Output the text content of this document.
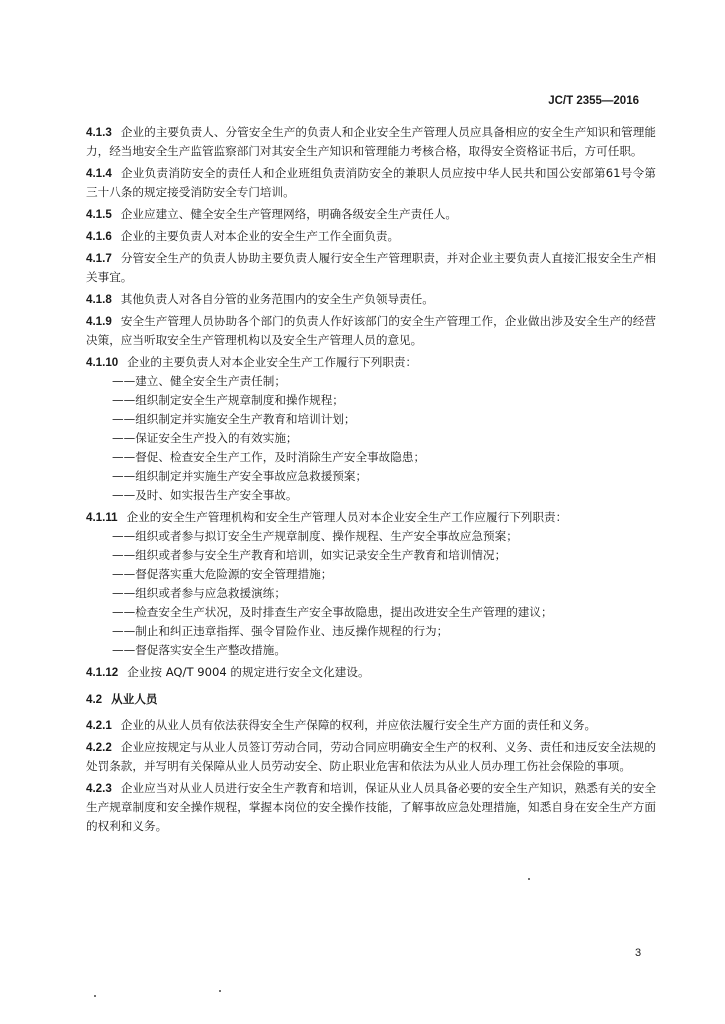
JC/T 2355—2016

4.1.3 企业的主要负责人、分管安全生产的负责人和企业安全生产管理人员应具备相应的安全生产知识和管理能力，经当地安全生产监管监察部门对其安全生产知识和管理能力考核合格，取得安全资格证书后，方可任职。

4.1.4 企业负责消防安全的责任人和企业班组负责消防安全的兼职人员应按中华人民共和国公安部第61号令第三十八条的规定接受消防安全专门培训。

4.1.5 企业应建立、健全安全生产管理网络，明确各级安全生产责任人。

4.1.6 企业的主要负责人对本企业的安全生产工作全面负责。

4.1.7 分管安全生产的负责人协助主要负责人履行安全生产管理职责，并对企业主要负责人直接汇报安全生产相关事宜。

4.1.8 其他负责人对各自分管的业务范围内的安全生产负领导责任。

4.1.9 安全生产管理人员协助各个部门的负责人作好该部门的安全生产管理工作，企业做出涉及安全生产的经营决策，应当听取安全生产管理机构以及安全生产管理人员的意见。

4.1.10 企业的主要负责人对本企业安全生产工作履行下列职责：

——建立、健全安全生产责任制；

——组织制定安全生产规章制度和操作规程；

——组织制定并实施安全生产教育和培训计划；

——保证安全生产投入的有效实施；

——督促、检查安全生产工作，及时消除生产安全事故隐患；

——组织制定并实施生产安全事故应急救援预案；

——及时、如实报告生产安全事故。

4.1.11 企业的安全生产管理机构和安全生产管理人员对本企业安全生产工作应履行下列职责：

——组织或者参与拟订安全生产规章制度、操作规程、生产安全事故应急预案；

——组织或者参与安全生产教育和培训，如实记录安全生产教育和培训情况；

——督促落实重大危险源的安全管理措施；

——组织或者参与应急救援演练；

——检查安全生产状况，及时排查生产安全事故隐患，提出改进安全生产管理的建议；

——制止和纠正违章指挥、强令冒险作业、违反操作规程的行为；

——督促落实安全生产整改措施。

4.1.12 企业按 AQ/T 9004 的规定进行安全文化建设。

4.2 从业人员

4.2.1 企业的从业人员有依法获得安全生产保障的权利，并应依法履行安全生产方面的责任和义务。

4.2.2 企业应按规定与从业人员签订劳动合同，劳动合同应明确安全生产的权利、义务、责任和违反安全法规的处罚条款，并写明有关保障从业人员劳动安全、防止职业危害和依法为从业人员办理工伤社会保险的事项。

4.2.3 企业应当对从业人员进行安全生产教育和培训，保证从业人员具备必要的安全生产知识，熟悉有关的安全生产规章制度和安全操作规程，掌握本岗位的安全操作技能，了解事故应急处理措施，知悉自身在安全生产方面的权利和义务。

3
